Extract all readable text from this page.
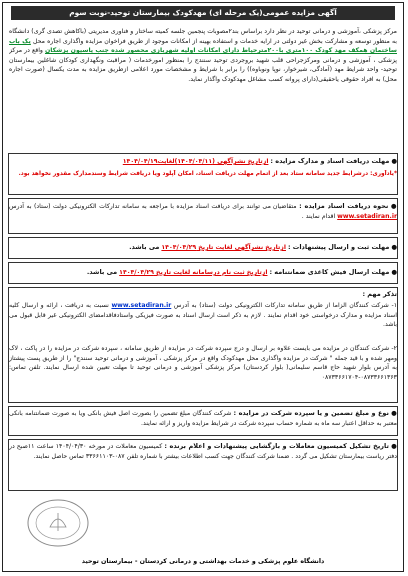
آگهی مزایده عمومی(یک مرحله ای) مهدکودک بیمارستان توحید-نوبت سوم
مرکز پزشکی ،آموزشی و درمانی توحید در نظر دارد براساس بند۲مصوبات پنجمین جلسه کمیته ساختار و فناوری مدیریتی (باکاهش تصدی گری) دانشگاه به منظور توسعه و مشارکت بخش غیر دولتی در ارایه خدمات و استفاده بهینه از امکانات موجود از طریق فراخوان مزایده واگذاری اجاره محل یک باب ساختمان همکف مهد کودک ۱۰۰متری با۲۰۰مترحیاط دارای امکانات اولیه شهربازی محصور شده جنب پاسیون پزشکان واقع در مرکز پزشکی ، آموزشی و درمانی ومرکزجراحی قلب شهید بروجردی توحید سنندج را بمنظور امورخدمات ( مراقبت ونگهداری کودکان شاغلین بیمارستان توحید- واحد شرایط مهد (آمادگی، شیرخوار، نوپا ونوباوه)) را برابر با شرایط و مشخصات مورد اعلامی ازطریق مزایده به مدت یکسال (صورت اجاره محل) به افراد حقوقی یاحقیقی(دارای پروانه کسب مشاغل مهدکودک واگذار نماید.
● مهلت دریافت اسناد و مدارک مزایده : ازتاریخ نشرآگهی (۱۴۰۴/۰۴/۱۱)لغایت۱۴۰۴/۰۴/۱۹
*یادآوری: درشرایط جدید سامانه ستاد بعد از اتمام مهلت دریافت اسناد، امکان آپلود ویا دریافت شرایط وسندمدارک مقدور نخواهد بود.
● نحوه دریافت اسناد مزایده : متقاضیان می توانند برای دریافت اسناد مزایده با مراجعه به سامانه تدارکات الکترونیکی دولت (ستاد) به آدرس www.setadiran.ir اقدام نمایند .
● مهلت ثبت و ارسال پیشنهادات : ازتاریخ نشرآگهی لغایت تاریخ ۱۴۰۴/۰۴/۲۹ می باشد.
● مهلت ارسال فیش کاغذی ضمانتنامه : ازتاریخ ثبت نام درسامانه لغایت تاریخ ۱۴۰۴/۰۴/۲۹ می باشد.
تذکر مهم :
۱- شرکت کنندگان الزاما از طریق سامانه تدارکات الکترونیکی دولت (ستاد) به آدرس www.setadiran.ir نسبت به دریافت ، ارائه و ارسال کلیه اسناد مزایده و مدارک درخواستی خود اقدام نمایند . لازم به ذکر است ارسال اسناد به صورت فیزیکی واستادفاقدامضای الکترونیکی غیر قابل قبول می باشد.
۲- شرکت کنندگان در مزایده می بایست علاوه بر ارسال و درج سپرده شرکت در مزایده از طریق سامانه ، سپرده شرکت در مزایده را در پاکت ، لاک ومهر شده و با قید جمله " شرکت در مزایده واگذاری محل مهدکودک واقع در مرکز پزشکی ، آموزشی و درمانی توحید سنندج" را از طریق پست پیشتاز به آدرس بلوار شهید حاج قاسم سلیمانی( بلوار کردستان) مرکز پزشکی آموزشی و درمانی توحید تا مهلت تعیین شده ارسال نمایند. تلفن تماس: ۰۸۷۳۳۶۶۱۳۶۳-۰۸۷۳۳۶۶۱۷۰۴
● نوع و مبلغ تضمین و یا سپرده شرکت در مزایده : شرکت کنندگان مبلغ تضمین را بصورت اصل فیش بانکی ویا به صورت ضمانتنامه بانکی معتبر به حداقل اعتبار سه ماه به شماره حساب سپرده شرکت در شرایط مزایده واریز و ارائه نمایند.
● تاریخ تشکیل کمیسیون معاملات و بازگشایی پیشنهادات و اعلام برنده : کمیسیون معاملات در مورخه ۱۴۰۴/۰۴/۳۰ ساعت ۱۱صبح در دفتر ریاست بیمارستان تشکیل می گردد . ضمنا شرکت کنندگان جهت کسب اطلاعات بیشتر با شماره تلفن ۰۸۷-۳۳۶۶۱۱۰۳ تماس حاصل نمایند.
دانشگاه علوم پزشکی و خدمات بهداشتی و درمانی کردستان - بیمارستان توحید
